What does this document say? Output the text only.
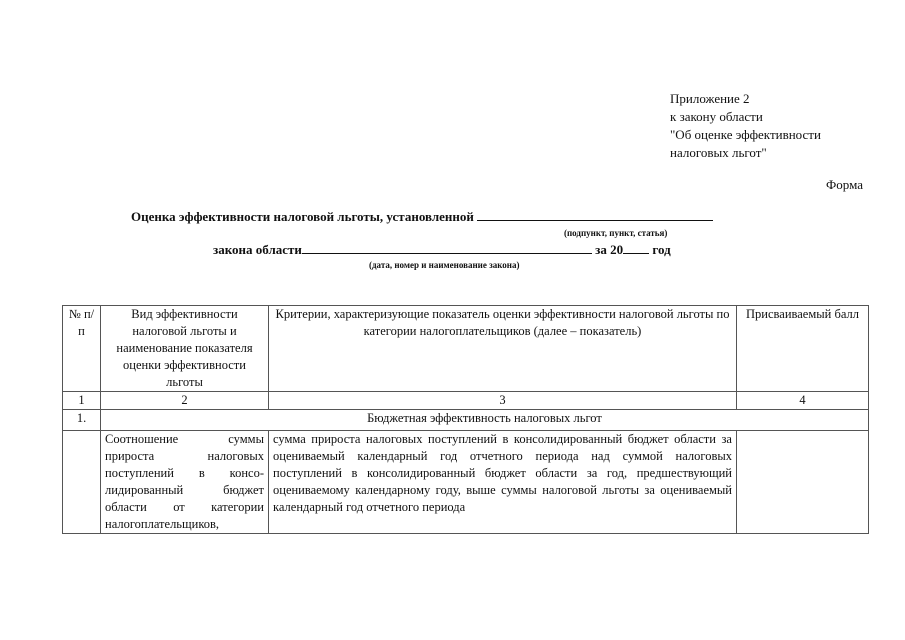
Приложение 2
к закону области
"Об оценке эффективности
налоговых льгот"
Форма
Оценка эффективности налоговой льготы, установленной
(подпункт, пункт, статья)
закона области	за 20 год
(дата, номер и наименование закона)
№ п/п	Вид эффективности налоговой льготы и наименование показателя оценки эффективности льготы	Критерии, характеризующие показатель оценки эффективности налоговой льготы по категории налогоплательщиков (далее – показатель)	Присваиваемый балл
1	2	3	4
1.	Бюджетная эффективность налоговых льгот		
	Соотношение суммы прироста налоговых поступлений в консо-лидированный бюджет области от категории налогоплательщиков,	сумма прироста налоговых поступлений в консолидированный бюджет области за оцениваемый календарный год отчетного периода над суммой налоговых поступлений в консолидированный бюджет области за год, предшествующий оцениваемому календарному году, выше суммы налоговой льготы за оцениваемый календарный год отчетного периода	
